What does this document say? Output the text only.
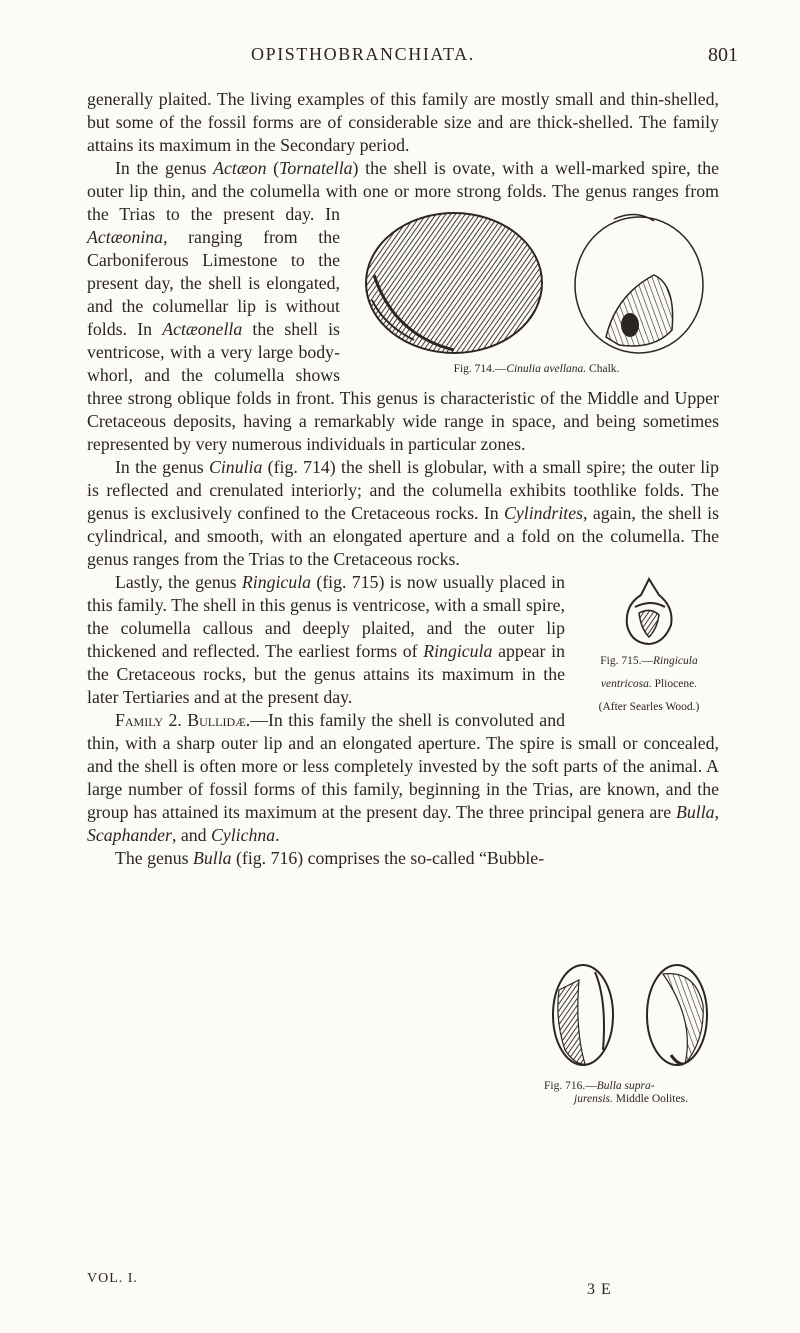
OPISTHOBRANCHIATA.	801

generally plaited. The living examples of this family are mostly small and thin-shelled, but some of the fossil forms are of considerable size and are thick-shelled. The family attains its maximum in the Secondary period.

In the genus Actæon (Tornatella) the shell is ovate, with a well-marked spire, the outer lip thin, and the columella with one or more strong folds. The genus ranges from the Trias to the present day. In
Fig. 714.—Cinulia avellana. Chalk.
Actæonina, ranging from the Carboniferous Limestone to the present day, the shell is elongated, and the columellar lip is without folds. In Actæonella the shell is ventricose, with a very large body-whorl, and the columella shows three strong oblique folds in front. This genus is characteristic of the Middle and Upper Cretaceous deposits, having a remarkably wide range in space, and being sometimes represented by very numerous individuals in particular zones.

In the genus Cinulia (fig. 714) the shell is globular, with a small spire; the outer lip is reflected and crenulated interiorly; and the columella exhibits toothlike folds. The genus is exclusively confined to the Cretaceous rocks. In Cylindrites, again, the shell is cylindrical, and smooth, with an elongated aperture and a fold on the columella. The genus ranges from the Trias to the Cretaceous rocks.

Fig. 715.—Ringicula
ventricosa. Pliocene.
(After Searles Wood.)
Lastly, the genus Ringicula (fig. 715) is now usually placed in this family. The shell in this genus is ventricose, with a small spire, the columella callous and deeply plaited, and the outer lip thickened and reflected. The earliest forms of Ringicula appear in the Cretaceous rocks, but the genus attains its maximum in the later Tertiaries and at the present day.

Family 2. Bullidæ.—In this family the shell is convoluted and thin, with a sharp outer lip and an elongated aperture. The spire is small or concealed, and the shell is often more or less completely invested by the soft parts of the animal. A large number of fossil forms of this family, beginning in the Trias, are known, and the group has attained its maximum at the present day. The three principal genera are Bulla, Scaphander, and Cylichna.

The genus Bulla (fig. 716) comprises the so-called “Bubble-

Fig. 716.—Bulla supra-
jurensis. Middle Oolites.
VOL. I.
3 E
